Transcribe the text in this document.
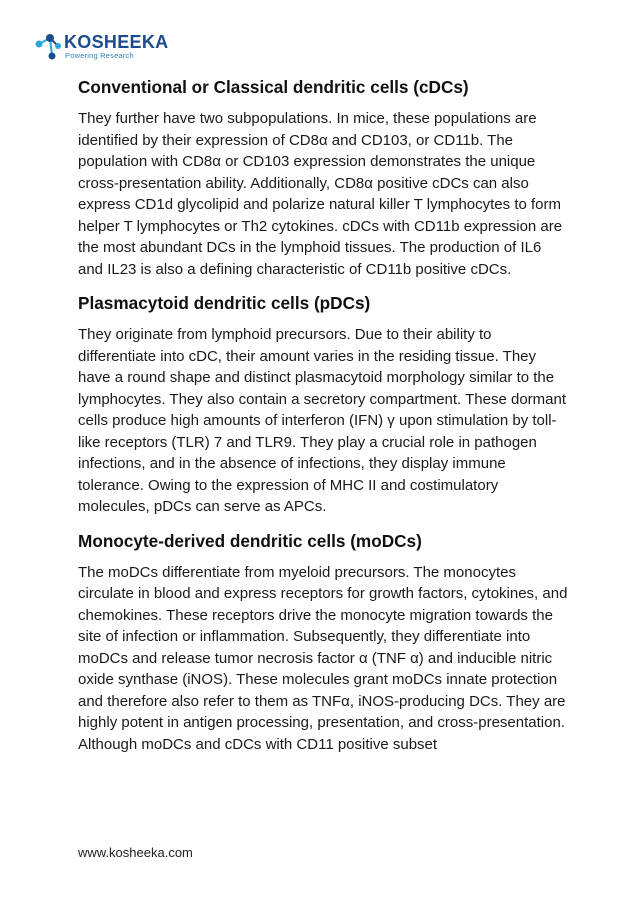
KOSHEEKA
Powering Research
Conventional or Classical dendritic cells (cDCs)

They further have two subpopulations. In mice, these populations are identified by their expression of CD8α and CD103, or CD11b. The population with CD8α or CD103 expression demonstrates the unique cross-presentation ability. Additionally, CD8α positive cDCs can also express CD1d glycolipid and polarize natural killer T lymphocytes to form helper T lymphocytes or Th2 cytokines. cDCs with CD11b expression are the most abundant DCs in the lymphoid tissues. The production of IL6 and IL23 is also a defining characteristic of CD11b positive cDCs.

Plasmacytoid dendritic cells (pDCs)

They originate from lymphoid precursors. Due to their ability to differentiate into cDC, their amount varies in the residing tissue. They have a round shape and distinct plasmacytoid morphology similar to the lymphocytes. They also contain a secretory compartment. These dormant cells produce high amounts of interferon (IFN) γ upon stimulation by toll-like receptors (TLR) 7 and TLR9. They play a crucial role in pathogen infections, and in the absence of infections, they display immune tolerance. Owing to the expression of MHC II and costimulatory molecules, pDCs can serve as APCs.

Monocyte-derived dendritic cells (moDCs)

The moDCs differentiate from myeloid precursors. The monocytes circulate in blood and express receptors for growth factors, cytokines, and chemokines. These receptors drive the monocyte migration towards the site of infection or inflammation. Subsequently, they differentiate into moDCs and release tumor necrosis factor α (TNF α) and inducible nitric oxide synthase (iNOS). These molecules grant moDCs innate protection and therefore also refer to them as TNFα, iNOS-producing DCs. They are highly potent in antigen processing, presentation, and cross-presentation. Although moDCs and cDCs with CD11 positive subset

www.kosheeka.com
